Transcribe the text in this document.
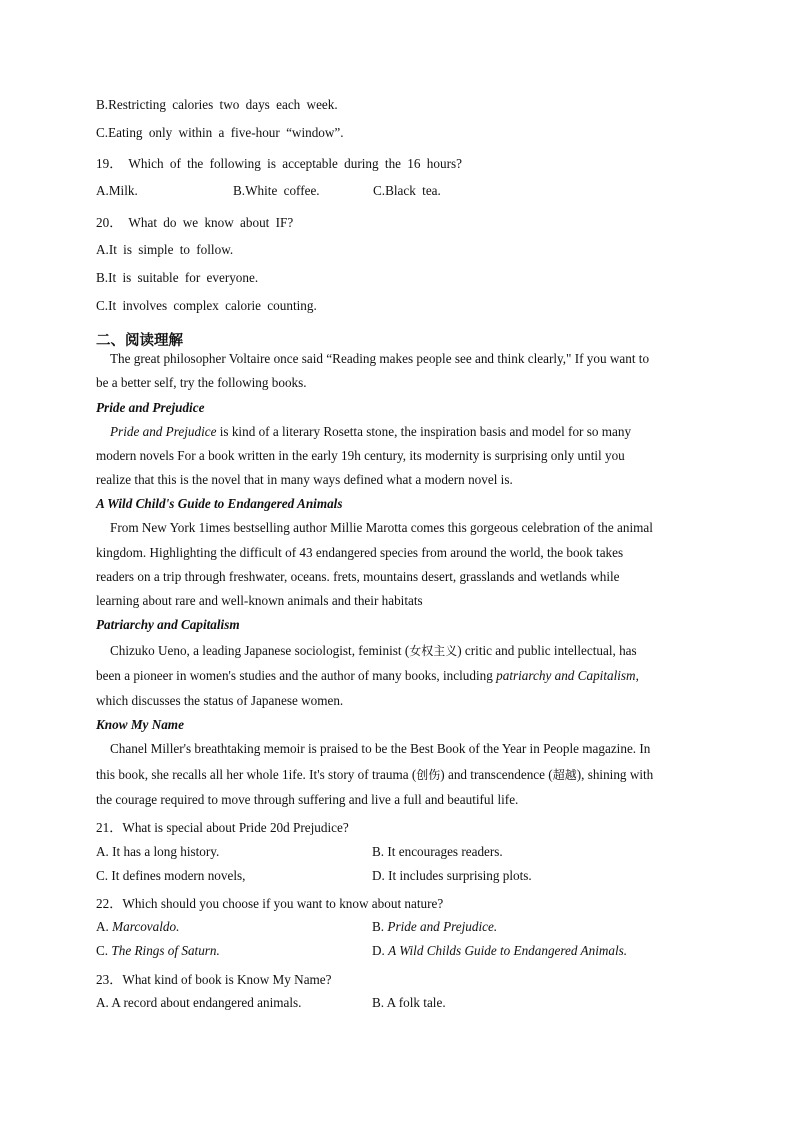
B.Restricting calories two days each week.
C.Eating only within a five-hour “window”.
19． Which of the following is acceptable during the 16 hours?
A.Milk.	B.White coffee.	C.Black tea.
20． What do we know about IF?
A.It is simple to follow.
B.It is suitable for everyone.
C.It involves complex calorie counting.
二、阅读理解
The great philosopher Voltaire once said “Reading makes people see and think clearly," If you want to
be a better self, try the following books.
Pride and Prejudice
Pride and Prejudice is kind of a literary Rosetta stone, the inspiration basis and model for so many
modern novels For a book written in the early 19h century, its modernity is surprising only until you
realize that this is the novel that in many ways defined what a modern novel is.
A Wild Child's Guide to Endangered Animals
From New York 1imes bestselling author Millie Marotta comes this gorgeous celebration of the animal
kingdom. Highlighting the difficult of 43 endangered species from around the world, the book takes
readers on a trip through freshwater, oceans. frets, mountains desert, grasslands and wetlands while
learning about rare and well-known animals and their habitats
Patriarchy and Capitalism
Chizuko Ueno, a leading Japanese sociologist, feminist (女权主义) critic and public intellectual, has
been a pioneer in women's studies and the author of many books, including patriarchy and Capitalism,
which discusses the status of Japanese women.
Know My Name
Chanel Miller's breathtaking memoir is praised to be the Best Book of the Year in People magazine. In
this book, she recalls all her whole 1ife. It's story of trauma (创伤) and transcendence (超越), shining with
the courage required to move through suffering and live a full and beautiful life.
21．What is special about Pride 20d Prejudice?
A. It has a long history.	B. It encourages readers.
C. It defines modern novels,	D. It includes surprising plots.
22．Which should you choose if you want to know about nature?
A. Marcovaldo.	B. Pride and Prejudice.
C. The Rings of Saturn.	D. A Wild Childs Guide to Endangered Animals.
23．What kind of book is Know My Name?
A. A record about endangered animals.	B. A folk tale.
